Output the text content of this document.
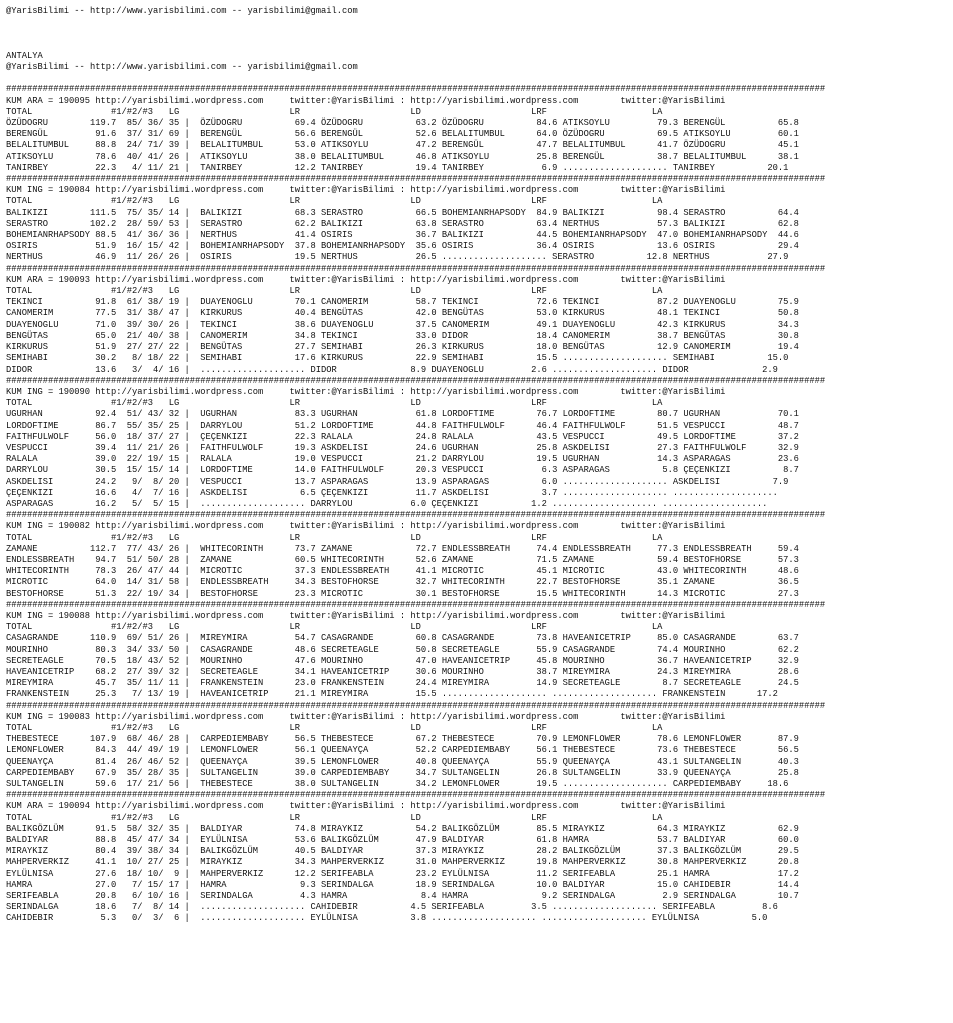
@YarisBilimi -- http://www.yarisbilimi.com -- yarisbilimi@gmail.com

ANTALYA
@YarisBilimi -- http://www.yarisbilimi.com -- yarisbilimi@gmail.com

############################################################################################################################################################
KUM ARA = 190095 http://yarisbilimi.wordpress.com     twitter:@YarisBilimi : http://yarisbilimi.wordpress.com        twitter:@YarisBilimi
TOTAL               #1/#2/#3   LG                     LR                     LD                     LRF                    LA
ÖZÜDOGRU        119.7  85/ 36/ 35 |  ÖZÜDOGRU          69.4 ÖZÜDOGRU          63.2 ÖZÜDOGRU          84.6 ATIKSOYLU         79.3 BERENGÜL          65.8
BERENGÜL         91.6  37/ 31/ 69 |  BERENGÜL          56.6 BERENGÜL          52.6 BELALITUMBUL      64.0 ÖZÜDOGRU          69.5 ATIKSOYLU         60.1
BELALITUMBUL     88.8  24/ 71/ 39 |  BELALITUMBUL      53.0 ATIKSOYLU         47.2 BERENGÜL          47.7 BELALITUMBUL      41.7 ÖZÜDOGRU          45.1
ATIKSOYLU        78.6  40/ 41/ 26 |  ATIKSOYLU         38.0 BELALITUMBUL      46.8 ATIKSOYLU         25.8 BERENGÜL          38.7 BELALITUMBUL      38.1
TANIRBEY         22.3   4/ 11/ 21 |  TANIRBEY          12.2 TANIRBEY          19.4 TANIRBEY           6.9 .................... TANIRBEY          20.1
############################################################################################################################################################
KUM ING = 190084 http://yarisbilimi.wordpress.com     twitter:@YarisBilimi : http://yarisbilimi.wordpress.com        twitter:@YarisBilimi
TOTAL               #1/#2/#3   LG                     LR                     LD                     LRF                    LA
BALIKIZI        111.5  75/ 35/ 14 |  BALIKIZI          68.3 SERASTRO          66.5 BOHEMIANRHAPSODY  84.9 BALIKIZI          98.4 SERASTRO          64.4
SERASTRO        102.2  28/ 59/ 53 |  SERASTRO          62.2 BALIKIZI          63.8 SERASTRO          63.4 NERTHUS           57.3 BALIKIZI          62.8
BOHEMIANRHAPSODY 88.5  41/ 36/ 36 |  NERTHUS           41.4 OSIRIS            36.7 BALIKIZI          44.5 BOHEMIANRHAPSODY  47.0 BOHEMIANRHAPSODY  44.6
OSIRIS           51.9  16/ 15/ 42 |  BOHEMIANRHAPSODY  37.8 BOHEMIANRHAPSODY  35.6 OSIRIS            36.4 OSIRIS            13.6 OSIRIS            29.4
NERTHUS          46.9  11/ 26/ 26 |  OSIRIS            19.5 NERTHUS           26.5 .................... SERASTRO          12.8 NERTHUS           27.9
############################################################################################################################################################
KUM ARA = 190093 http://yarisbilimi.wordpress.com     twitter:@YarisBilimi : http://yarisbilimi.wordpress.com        twitter:@YarisBilimi
TOTAL               #1/#2/#3   LG                     LR                     LD                     LRF                    LA
TEKINCI          91.8  61/ 38/ 19 |  DUAYENOGLU        70.1 CANOMERIM         58.7 TEKINCI           72.6 TEKINCI           87.2 DUAYENOGLU        75.9
CANOMERIM        77.5  31/ 38/ 47 |  KIRKURUS          40.4 BENGÜTAS          42.0 BENGÜTAS          53.0 KIRKURUS          48.1 TEKINCI           50.8
DUAYENOGLU       71.0  39/ 30/ 26 |  TEKINCI           38.6 DUAYENOGLU        37.5 CANOMERIM         49.1 DUAYENOGLU        42.3 KIRKURUS          34.3
BENGÜTAS         65.0  21/ 40/ 38 |  CANOMERIM         34.8 TEKINCI           33.0 DIDOR             18.4 CANOMERIM         38.7 BENGÜTAS          30.8
KIRKURUS         51.9  27/ 27/ 22 |  BENGÜTAS          27.7 SEMIHABI          26.3 KIRKURUS          18.0 BENGÜTAS          12.9 CANOMERIM         19.4
SEMIHABI         30.2   8/ 18/ 22 |  SEMIHABI          17.6 KIRKURUS          22.9 SEMIHABI          15.5 .................... SEMIHABI          15.0
DIDOR            13.6   3/  4/ 16 |  .................... DIDOR              8.9 DUAYENOGLU         2.6 .................... DIDOR              2.9
############################################################################################################################################################
KUM ING = 190090 http://yarisbilimi.wordpress.com     twitter:@YarisBilimi : http://yarisbilimi.wordpress.com        twitter:@YarisBilimi
TOTAL               #1/#2/#3   LG                     LR                     LD                     LRF                    LA
UGURHAN          92.4  51/ 43/ 32 |  UGURHAN           83.3 UGURHAN           61.8 LORDOFTIME        76.7 LORDOFTIME        80.7 UGURHAN           70.1
LORDOFTIME       86.7  55/ 35/ 25 |  DARRYLOU          51.2 LORDOFTIME        44.8 FAITHFULWOLF      46.4 FAITHFULWOLF      51.5 VESPUCCI          48.7
FAITHFULWOLF     56.0  18/ 37/ 27 |  ÇEÇENKIZI         22.3 RALALA            24.8 RALALA            43.5 VESPUCCI          49.5 LORDOFTIME        37.2
VESPUCCI         39.4  11/ 21/ 26 |  FAITHFULWOLF      19.3 ASKDELISI         24.6 UGURHAN           25.8 ASKDELISI         27.3 FAITHFULWOLF      32.9
RALALA           39.0  22/ 19/ 15 |  RALALA            19.0 VESPUCCI          21.2 DARRYLOU          19.5 UGURHAN           14.3 ASPARAGAS         23.6
DARRYLOU         30.5  15/ 15/ 14 |  LORDOFTIME        14.0 FAITHFULWOLF      20.3 VESPUCCI           6.3 ASPARAGAS          5.8 ÇEÇENKIZI          8.7
ASKDELISI        24.2   9/  8/ 20 |  VESPUCCI          13.7 ASPARAGAS         13.9 ASPARAGAS          6.0 .................... ASKDELISI          7.9
ÇEÇENKIZI        16.6   4/  7/ 16 |  ASKDELISI          6.5 ÇEÇENKIZI         11.7 ASKDELISI          3.7 .................... ....................
ASPARAGAS        16.2   5/  5/ 15 |  .................... DARRYLOU           6.0 ÇEÇENKIZI          1.2 .................... ....................
############################################################################################################################################################
KUM ING = 190082 http://yarisbilimi.wordpress.com     twitter:@YarisBilimi : http://yarisbilimi.wordpress.com        twitter:@YarisBilimi
TOTAL               #1/#2/#3   LG                     LR                     LD                     LRF                    LA
ZAMANE          112.7  77/ 43/ 26 |  WHITECORINTH      73.7 ZAMANE            72.7 ENDLESSBREATH     74.4 ENDLESSBREATH     77.3 ENDLESSBREATH     59.4
ENDLESSBREATH    94.7  51/ 50/ 28 |  ZAMANE            60.5 WHITECORINTH      52.6 ZAMANE            71.5 ZAMANE            59.4 BESTOFHORSE       57.3
WHITECORINTH     78.3  26/ 47/ 44 |  MICROTIC          37.3 ENDLESSBREATH     41.1 MICROTIC          45.1 MICROTIC          43.0 WHITECORINTH      48.6
MICROTIC         64.0  14/ 31/ 58 |  ENDLESSBREATH     34.3 BESTOFHORSE       32.7 WHITECORINTH      22.7 BESTOFHORSE       35.1 ZAMANE            36.5
BESTOFHORSE      51.3  22/ 19/ 34 |  BESTOFHORSE       23.3 MICROTIC          30.1 BESTOFHORSE       15.5 WHITECORINTH      14.3 MICROTIC          27.3
############################################################################################################################################################
KUM ING = 190088 http://yarisbilimi.wordpress.com     twitter:@YarisBilimi : http://yarisbilimi.wordpress.com        twitter:@YarisBilimi
TOTAL               #1/#2/#3   LG                     LR                     LD                     LRF                    LA
CASAGRANDE      110.9  69/ 51/ 26 |  MIREYMIRA         54.7 CASAGRANDE        60.8 CASAGRANDE        73.8 HAVEANICETRIP     85.0 CASAGRANDE        63.7
MOURINHO         80.3  34/ 33/ 50 |  CASAGRANDE        48.6 SECRETEAGLE       50.8 SECRETEAGLE       55.9 CASAGRANDE        74.4 MOURINHO          62.2
SECRETEAGLE      70.5  18/ 43/ 52 |  MOURINHO          47.6 MOURINHO          47.0 HAVEANICETRIP     45.8 MOURINHO          36.7 HAVEANICETRIP     32.9
HAVEANICETRIP    68.2  27/ 39/ 32 |  SECRETEAGLE       34.1 HAVEANICETRIP     30.6 MOURINHO          38.7 MIREYMIRA         24.3 MIREYMIRA         28.6
MIREYMIRA        45.7  35/ 11/ 11 |  FRANKENSTEIN      23.0 FRANKENSTEIN      24.4 MIREYMIRA         14.9 SECRETEAGLE        8.7 SECRETEAGLE       24.5
FRANKENSTEIN     25.3   7/ 13/ 19 |  HAVEANICETRIP     21.1 MIREYMIRA         15.5 .................... .................... FRANKENSTEIN      17.2
############################################################################################################################################################
KUM ING = 190083 http://yarisbilimi.wordpress.com     twitter:@YarisBilimi : http://yarisbilimi.wordpress.com        twitter:@YarisBilimi
TOTAL               #1/#2/#3   LG                     LR                     LD                     LRF                    LA
THEBESTECE      107.9  68/ 46/ 28 |  CARPEDIEMBABY     56.5 THEBESTECE        67.2 THEBESTECE        70.9 LEMONFLOWER       78.6 LEMONFLOWER       87.9
LEMONFLOWER      84.3  44/ 49/ 19 |  LEMONFLOWER       56.1 QUEENAYÇA         52.2 CARPEDIEMBABY     56.1 THEBESTECE        73.6 THEBESTECE        56.5
QUEENAYÇA        81.4  26/ 46/ 52 |  QUEENAYÇA         39.5 LEMONFLOWER       40.8 QUEENAYÇA         55.9 QUEENAYÇA         43.1 SULTANGELIN       40.3
CARPEDIEMBABY    67.9  35/ 28/ 35 |  SULTANGELIN       39.0 CARPEDIEMBABY     34.7 SULTANGELIN       26.8 SULTANGELIN       33.9 QUEENAYÇA         25.8
SULTANGELIN      59.6  17/ 21/ 56 |  THEBESTECE        38.0 SULTANGELIN       34.2 LEMONFLOWER       19.5 .................... CARPEDIEMBABY     18.6
############################################################################################################################################################
KUM ARA = 190094 http://yarisbilimi.wordpress.com     twitter:@YarisBilimi : http://yarisbilimi.wordpress.com        twitter:@YarisBilimi
TOTAL               #1/#2/#3   LG                     LR                     LD                     LRF                    LA
BALIKGÖZLÜM      91.5  58/ 32/ 35 |  BALDIYAR          74.8 MIRAYKIZ          54.2 BALIKGÖZLÜM       85.5 MIRAYKIZ          64.3 MIRAYKIZ          62.9
BALDIYAR         88.8  45/ 47/ 34 |  EYLÜLNISA         53.6 BALIKGÖZLÜM       47.9 BALDIYAR          61.8 HAMRA             53.7 BALDIYAR          60.0
MIRAYKIZ         80.4  39/ 38/ 34 |  BALIKGÖZLÜM       40.5 BALDIYAR          37.3 MIRAYKIZ          28.2 BALIKGÖZLÜM       37.3 BALIKGÖZLÜM       29.5
MAHPERVERKIZ     41.1  10/ 27/ 25 |  MIRAYKIZ          34.3 MAHPERVERKIZ      31.0 MAHPERVERKIZ      19.8 MAHPERVERKIZ      30.8 MAHPERVERKIZ      20.8
EYLÜLNISA        27.6  18/ 10/  9 |  MAHPERVERKIZ      12.2 SERIFEABLA        23.2 EYLÜLNISA         11.2 SERIFEABLA        25.1 HAMRA             17.2
HAMRA            27.0   7/ 15/ 17 |  HAMRA              9.3 SERINDALGA        18.9 SERINDALGA        10.0 BALDIYAR          15.0 CAHIDEBIR         14.4
SERIFEABLA       20.8   6/ 10/ 16 |  SERINDALGA         4.3 HAMRA              8.4 HAMRA              9.2 SERINDALGA         2.9 SERINDALGA        10.7
SERINDALGA       18.6   7/  8/ 14 |  .................... CAHIDEBIR          4.5 SERIFEABLA         3.5 .................... SERIFEABLA         8.6
CAHIDEBIR         5.3   0/  3/  6 |  .................... EYLÜLNISA          3.8 .................... .................... EYLÜLNISA          5.0
